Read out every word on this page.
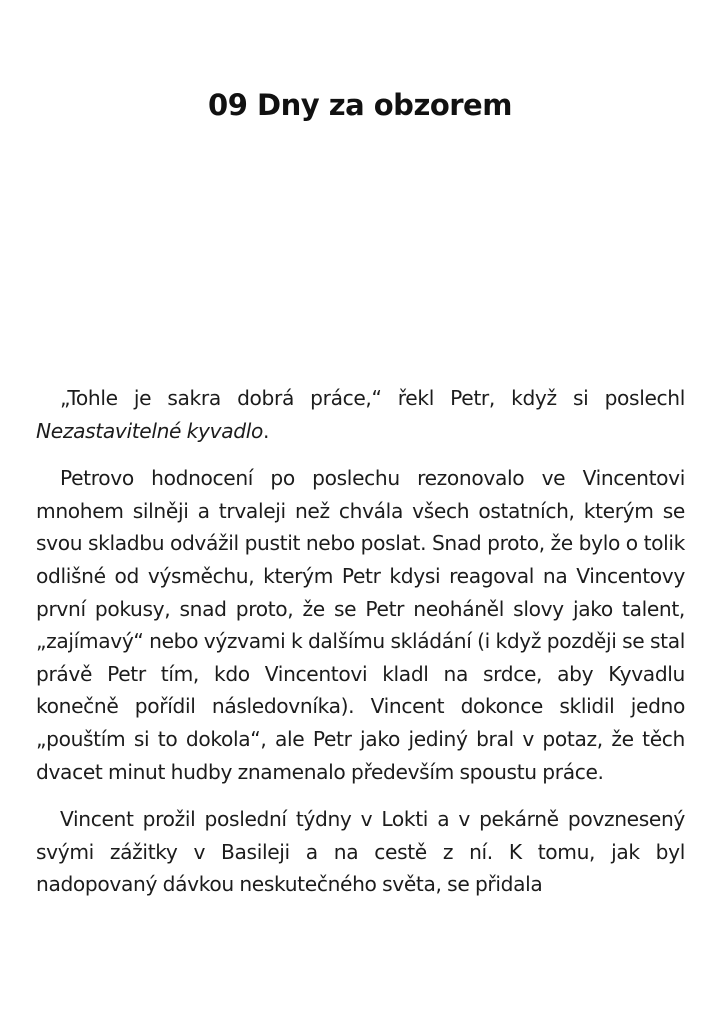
09 Dny za obzorem

„Tohle je sakra dobrá práce,“ řekl Petr, když si poslechl Nezastavitelné kyvadlo.

Petrovo hodnocení po poslechu rezonovalo ve Vincentovi mnohem silněji a trvaleji než chvála všech ostatních, kterým se svou skladbu odvážil pustit nebo poslat. Snad proto, že bylo o tolik odlišné od výsměchu, kterým Petr kdysi reagoval na Vincentovy první pokusy, snad proto, že se Petr neoháněl slovy jako talent, „zajímavý“ nebo výzvami k dalšímu skládání (i když později se stal právě Petr tím, kdo Vincentovi kladl na srdce, aby Kyvadlu konečně pořídil následovníka). Vincent dokonce sklidil jedno „pouštím si to dokola“, ale Petr jako jediný bral v potaz, že těch dvacet minut hudby znamenalo především spoustu práce.

Vincent prožil poslední týdny v Lokti a v pekárně povznesený svými zážitky v Basileji a na cestě z ní. K tomu, jak byl nadopovaný dávkou neskutečného světa, se přidala
